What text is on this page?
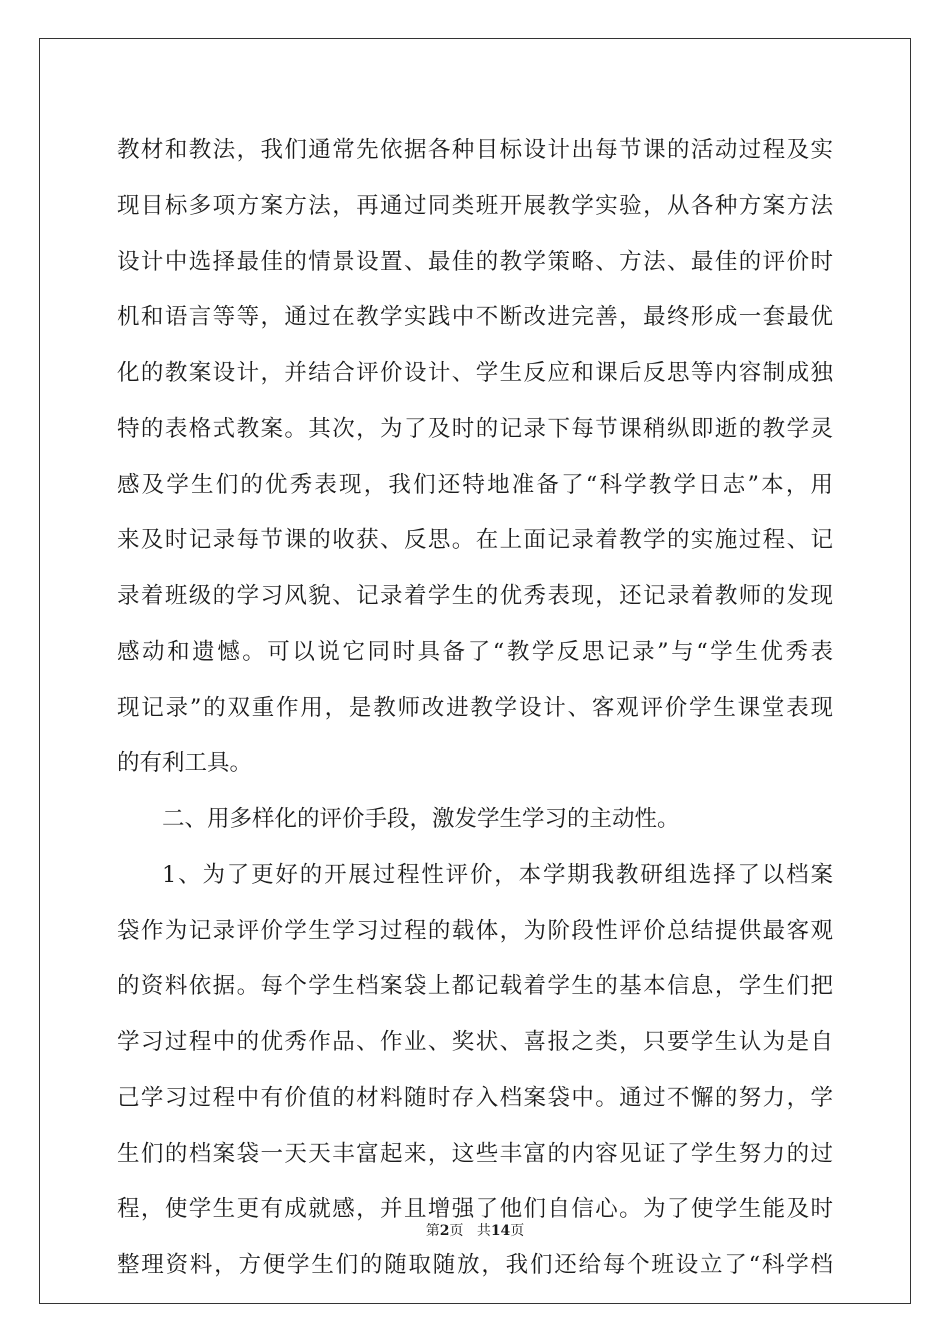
教材和教法，我们通常先依据各种目标设计出每节课的活动过程及实
现目标多项方案方法，再通过同类班开展教学实验，从各种方案方法
设计中选择最佳的情景设置、最佳的教学策略、方法、最佳的评价时
机和语言等等，通过在教学实践中不断改进完善，最终形成一套最优
化的教案设计，并结合评价设计、学生反应和课后反思等内容制成独
特的表格式教案。其次，为了及时的记录下每节课稍纵即逝的教学灵
感及学生们的优秀表现，我们还特地准备了“科学教学日志”本，用
来及时记录每节课的收获、反思。在上面记录着教学的实施过程、记
录着班级的学习风貌、记录着学生的优秀表现，还记录着教师的发现
感动和遗憾。可以说它同时具备了“教学反思记录”与“学生优秀表
现记录”的双重作用，是教师改进教学设计、客观评价学生课堂表现
的有利工具。
二、用多样化的评价手段，激发学生学习的主动性。
1、为了更好的开展过程性评价，本学期我教研组选择了以档案
袋作为记录评价学生学习过程的载体，为阶段性评价总结提供最客观
的资料依据。每个学生档案袋上都记载着学生的基本信息，学生们把
学习过程中的优秀作品、作业、奖状、喜报之类，只要学生认为是自
己学习过程中有价值的材料随时存入档案袋中。通过不懈的努力，学
生们的档案袋一天天丰富起来，这些丰富的内容见证了学生努力的过
程，使学生更有成就感，并且增强了他们自信心。为了使学生能及时
整理资料，方便学生们的随取随放，我们还给每个班设立了“科学档
第2页 共14页
